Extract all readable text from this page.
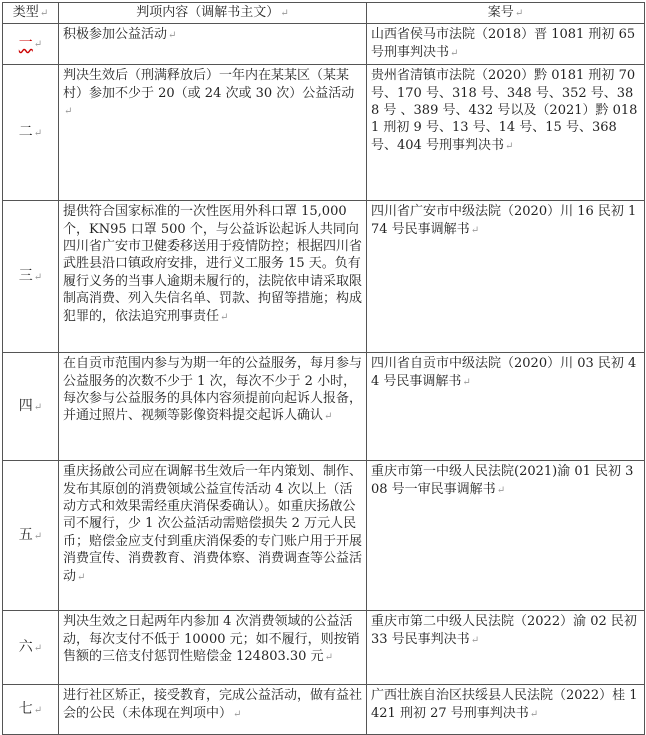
类型↵	判项内容（调解书主文）↵	案号↵
一↵	积极参加公益活动↵	山西省侯马市法院（2018）晋 1081 刑初 65 号刑事判决书↵
二↵	判决生效后（刑满释放后）一年内在某某区（某某村）参加不少于 20（或 24 次或 30 次）公益活动↵	贵州省清镇市法院（2020）黔 0181 刑初 70 号、170 号、318 号、348 号、352 号、388 号 、389 号、432 号以及（2021）黔 0181 刑初 9 号、13 号、14 号、15 号、368 号、404 号刑事判决书↵
三↵	提供符合国家标准的一次性医用外科口罩 15,000 个，KN95 口罩 500 个，与公益诉讼起诉人共同向四川省广安市卫健委移送用于疫情防控；根据四川省武胜县沿口镇政府安排，进行义工服务 15 天。负有履行义务的当事人逾期未履行的，法院依申请采取限制高消费、列入失信名单、罚款、拘留等措施；构成犯罪的，依法追究刑事责任↵	四川省广安市中级法院（2020）川 16 民初 174 号民事调解书↵
四↵	在自贡市范围内参与为期一年的公益服务，每月参与公益服务的次数不少于 1 次，每次不少于 2 小时，每次参与公益服务的具体内容须提前向起诉人报备，并通过照片、视频等影像资料提交起诉人确认↵	四川省自贡市中级法院（2020）川 03 民初 44 号民事调解书↵
五↵	重庆扬啟公司应在调解书生效后一年内策划、制作、发布其原创的消费领域公益宣传活动 4 次以上（活动方式和效果需经重庆消保委确认）。如重庆扬啟公司不履行，少 1 次公益活动需赔偿损失 2 万元人民币；赔偿金应支付到重庆消保委的专门账户用于开展消费宣传、消费教育、消费体察、消费调查等公益活动↵	重庆市第一中级人民法院(2021)渝 01 民初 308 号一审民事调解书↵
六↵	判决生效之日起两年内参加 4 次消费领域的公益活动，每次支付不低于 10000 元；如不履行，则按销售额的三倍支付惩罚性赔偿金 124803.30 元↵	重庆市第二中级人民法院（2022）渝 02 民初 33 号民事判决书↵
七↵	进行社区矫正，接受教育，完成公益活动，做有益社会的公民（未体现在判项中）↵	广西壮族自治区扶绥县人民法院（2022）桂 1421 刑初 27 号刑事判决书↵
